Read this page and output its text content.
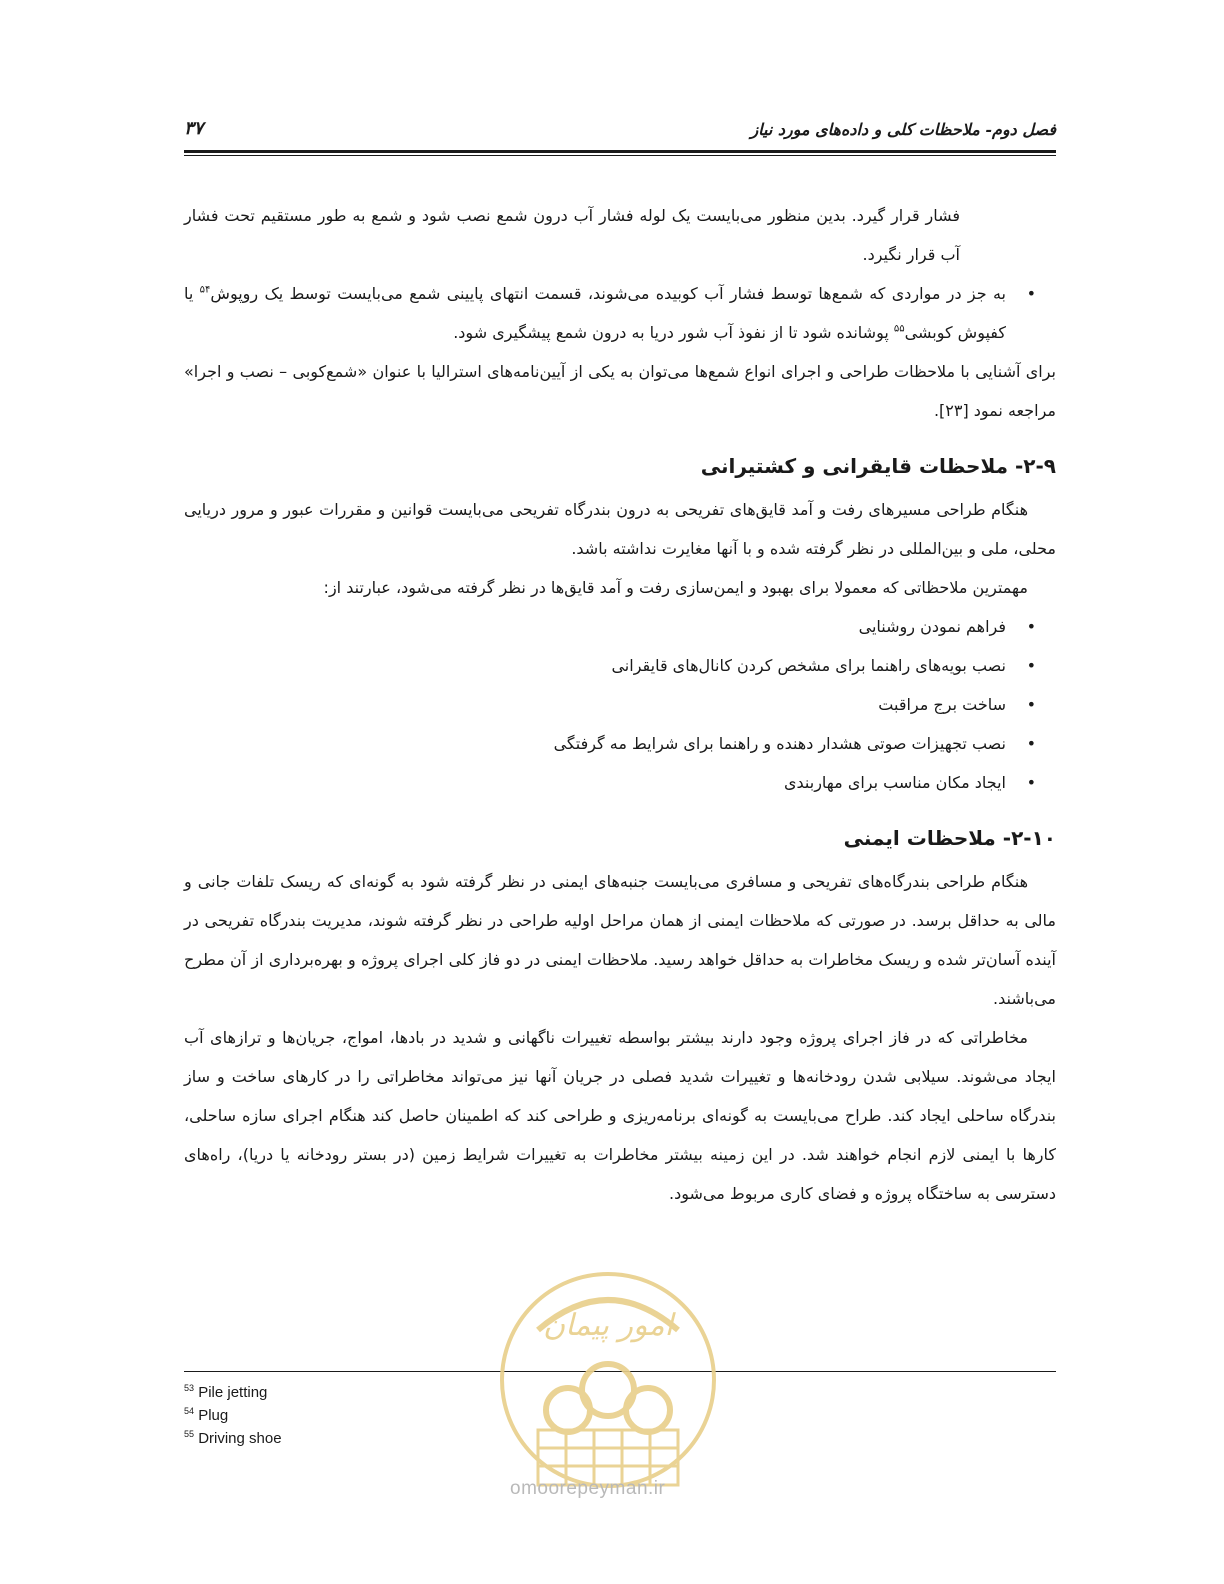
فصل دوم- ملاحظات کلی و داده‌های مورد نیاز
۳۷

فشار قرار گیرد. بدین منظور می‌بایست یک لوله فشار آب درون شمع نصب شود و شمع به طور مستقیم تحت فشار آب قرار نگیرد.

• به جز در مواردی که شمع‌ها توسط فشار آب کوبیده می‌شوند، قسمت انتهای پایینی شمع می‌بایست توسط یک روپوش$^{۵۴}$ یا کفپوش کوبشی$^{۵۵}$ پوشانده شود تا از نفوذ آب شور دریا به درون شمع پیشگیری شود.

برای آشنایی با ملاحظات طراحی و اجرای انواع شمع‌ها می‌توان به یکی از آیین‌نامه‌های استرالیا با عنوان «شمع‌کوبی – نصب و اجرا» مراجعه نمود [۲۳].

۲-۹- ملاحظات قایقرانی و کشتیرانی

هنگام طراحی مسیرهای رفت و آمد قایق‌های تفریحی به درون بندرگاه تفریحی می‌بایست قوانین و مقررات عبور و مرور دریایی محلی، ملی و بین‌المللی در نظر گرفته شده و با آنها مغایرت نداشته باشد.

مهمترین ملاحظاتی که معمولا برای بهبود و ایمن‌سازی رفت و آمد قایق‌ها در نظر گرفته می‌شود، عبارتند از:

• فراهم نمودن روشنایی
• نصب بویه‌های راهنما برای مشخص کردن کانال‌های قایقرانی
• ساخت برج مراقبت
• نصب تجهیزات صوتی هشدار دهنده و راهنما برای شرایط مه گرفتگی
• ایجاد مکان مناسب برای مهاربندی
۲-۱۰- ملاحظات ایمنی

هنگام طراحی بندرگاه‌های تفریحی و مسافری می‌بایست جنبه‌های ایمنی در نظر گرفته شود به گونه‌ای که ریسک تلفات جانی و مالی به حداقل برسد. در صورتی که ملاحظات ایمنی از همان مراحل اولیه طراحی در نظر گرفته شوند، مدیریت بندرگاه تفریحی در آینده آسان‌تر شده و ریسک مخاطرات به حداقل خواهد رسید. ملاحظات ایمنی در دو فاز کلی اجرای پروژه و بهره‌برداری از آن مطرح می‌باشند.

مخاطراتی که در فاز اجرای پروژه وجود دارند بیشتر بواسطه تغییرات ناگهانی و شدید در بادها، امواج، جریان‌ها و ترازهای آب ایجاد می‌شوند. سیلابی شدن رودخانه‌ها و تغییرات شدید فصلی در جریان آنها نیز می‌تواند مخاطراتی را در کارهای ساخت و ساز بندرگاه ساحلی ایجاد کند. طراح می‌بایست به گونه‌ای برنامه‌ریزی و طراحی کند که اطمینان حاصل کند هنگام اجرای سازه ساحلی، کارها با ایمنی لازم انجام خواهند شد. در این زمینه بیشتر مخاطرات به تغییرات شرایط زمین (در بستر رودخانه یا دریا)، راه‌های دسترسی به ساختگاه پروژه و فضای کاری مربوط می‌شود.

$^{53}$ Pile jetting
$^{54}$ Plug
$^{55}$ Driving shoe
امور پیمان
omoorepeyman.ir
